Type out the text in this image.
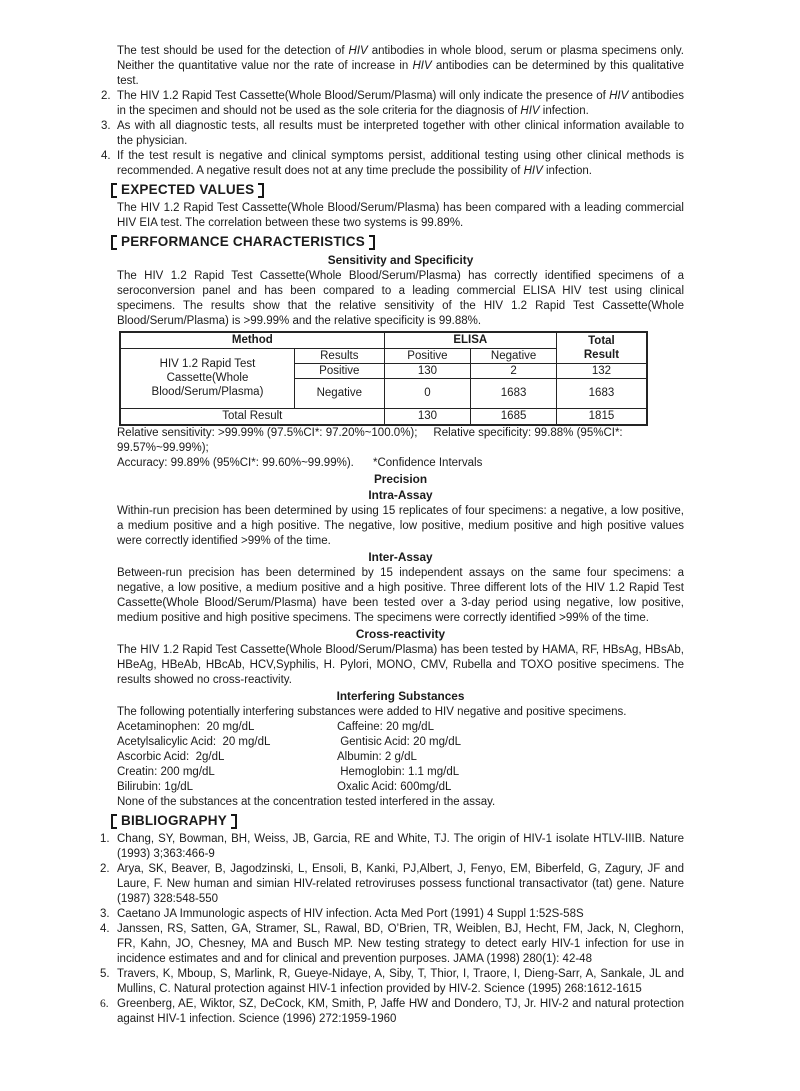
The test should be used for the detection of HIV antibodies in whole blood, serum or plasma specimens only. Neither the quantitative value nor the rate of increase in HIV antibodies can be determined by this qualitative test.
2. The HIV 1.2 Rapid Test Cassette(Whole Blood/Serum/Plasma) will only indicate the presence of HIV antibodies in the specimen and should not be used as the sole criteria for the diagnosis of HIV infection.
3. As with all diagnostic tests, all results must be interpreted together with other clinical information available to the physician.
4. If the test result is negative and clinical symptoms persist, additional testing using other clinical methods is recommended. A negative result does not at any time preclude the possibility of HIV infection.
EXPECTED VALUES
The HIV 1.2 Rapid Test Cassette(Whole Blood/Serum/Plasma) has been compared with a leading commercial HIV EIA test. The correlation between these two systems is 99.89%.
PERFORMANCE CHARACTERISTICS
Sensitivity and Specificity
The HIV 1.2 Rapid Test Cassette(Whole Blood/Serum/Plasma) has correctly identified specimens of a seroconversion panel and has been compared to a leading commercial ELISA HIV test using clinical specimens. The results show that the relative sensitivity of the HIV 1.2 Rapid Test Cassette(Whole Blood/Serum/Plasma) is >99.99% and the relative specificity is 99.88%.
Method		ELISA		Total Result

HIV 1.2 Rapid Test Cassette(Whole Blood/Serum/Plasma)	Results	Positive	Negative	
	Positive	130	2	132
	Negative	0	1683	1683
Total Result		130	1685	1815
Relative sensitivity: >99.99% (97.5%CI*: 97.20%~100.0%);     Relative specificity: 99.88% (95%CI*:
99.57%~99.99%);
Accuracy: 99.89% (95%CI*: 99.60%~99.99%).      *Confidence Intervals
Precision
Intra-Assay
Within-run precision has been determined by using 15 replicates of four specimens: a negative, a low positive, a medium positive and a high positive. The negative, low positive, medium positive and high positive values were correctly identified >99% of the time.
Inter-Assay
Between-run precision has been determined by 15 independent assays on the same four specimens: a negative, a low positive, a medium positive and a high positive. Three different lots of the HIV 1.2 Rapid Test Cassette(Whole Blood/Serum/Plasma) have been tested over a 3-day period using negative, low positive, medium positive and high positive specimens. The specimens were correctly identified >99% of the time.
Cross-reactivity
The HIV 1.2 Rapid Test Cassette(Whole Blood/Serum/Plasma) has been tested by HAMA, RF, HBsAg, HBsAb, HBeAg, HBeAb, HBcAb, HCV,Syphilis, H. Pylori, MONO, CMV, Rubella and TOXO positive specimens. The results showed no cross-reactivity.
Interfering Substances
The following potentially interfering substances were added to HIV negative and positive specimens.
Acetaminophen:  20 mg/dL	Caffeine: 20 mg/dL
Acetylsalicylic Acid:  20 mg/dL	Gentisic Acid: 20 mg/dL
Ascorbic Acid:  2g/dL	Albumin: 2 g/dL
Creatin: 200 mg/dL	Hemoglobin: 1.1 mg/dL
Bilirubin: 1g/dL	Oxalic Acid: 600mg/dL
None of the substances at the concentration tested interfered in the assay.
BIBLIOGRAPHY
1. Chang, SY, Bowman, BH, Weiss, JB, Garcia, RE and White, TJ. The origin of HIV-1 isolate HTLV-IIIB. Nature (1993) 3;363:466-9
2. Arya, SK, Beaver, B, Jagodzinski, L, Ensoli, B, Kanki, PJ,Albert, J, Fenyo, EM, Biberfeld, G, Zagury, JF and Laure, F. New human and simian HIV-related retroviruses possess functional transactivator (tat) gene. Nature (1987) 328:548-550
3. Caetano JA Immunologic aspects of HIV infection. Acta Med Port (1991) 4 Suppl 1:52S-58S
4. Janssen, RS, Satten, GA, Stramer, SL, Rawal, BD, O’Brien, TR, Weiblen, BJ, Hecht, FM, Jack, N, Cleghorn, FR, Kahn, JO, Chesney, MA and Busch MP. New testing strategy to detect early HIV-1 infection for use in incidence estimates and and for clinical and prevention purposes. JAMA (1998) 280(1): 42-48
5. Travers, K, Mboup, S, Marlink, R, Gueye-Nidaye, A, Siby, T, Thior, I, Traore, I, Dieng-Sarr, A, Sankale, JL and Mullins, C. Natural protection against HIV-1 infection provided by HIV-2. Science (1995) 268:1612-1615
6. Greenberg, AE, Wiktor, SZ, DeCock, KM, Smith, P, Jaffe HW and Dondero, TJ, Jr. HIV-2 and natural protection against HIV-1 infection. Science (1996) 272:1959-1960
